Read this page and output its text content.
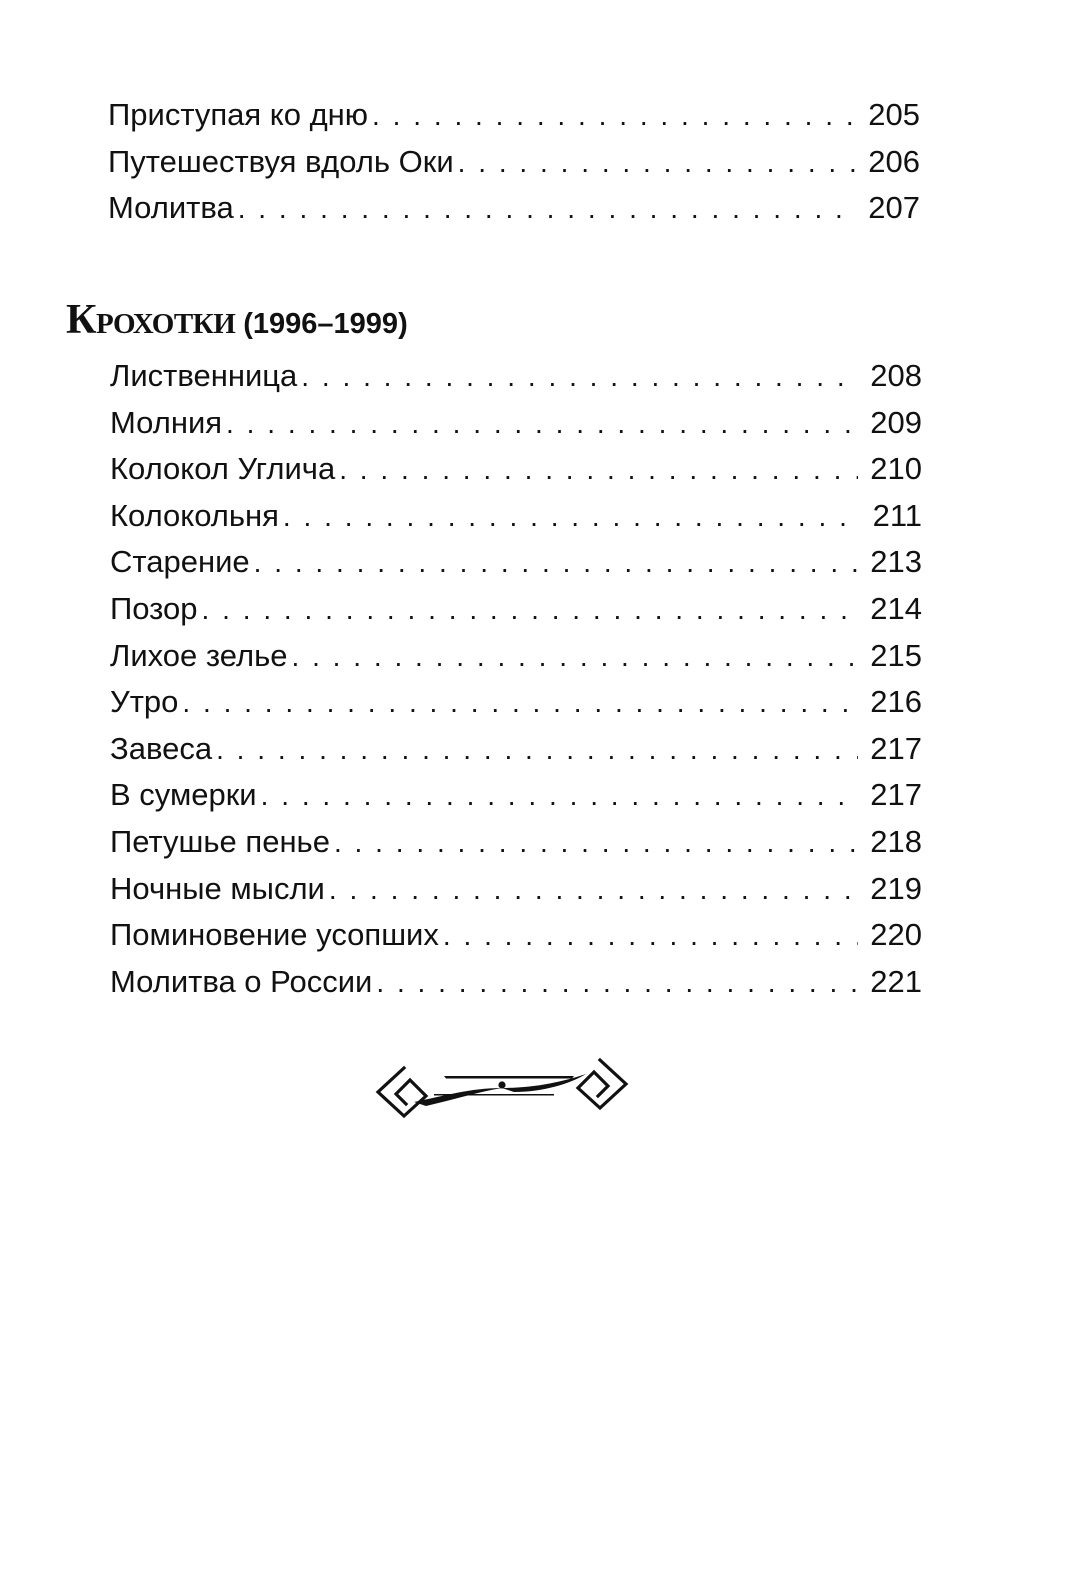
Приступая ко дню . . .	205
Путешествуя вдоль Оки . . .	206
Молитва . . .	207
Крохотки (1996–1999)
Лиственница . . .	208
Молния . . .	209
Колокол Углича . . .	210
Колокольня . . .	211
Старение . . .	213
Позор . . .	214
Лихое зелье . . .	215
Утро . . .	216
Завеса . . .	217
В сумерки . . .	217
Петушье пенье . . .	218
Ночные мысли . . .	219
Поминовение усопших . . .	220
Молитва о России . . .	221
